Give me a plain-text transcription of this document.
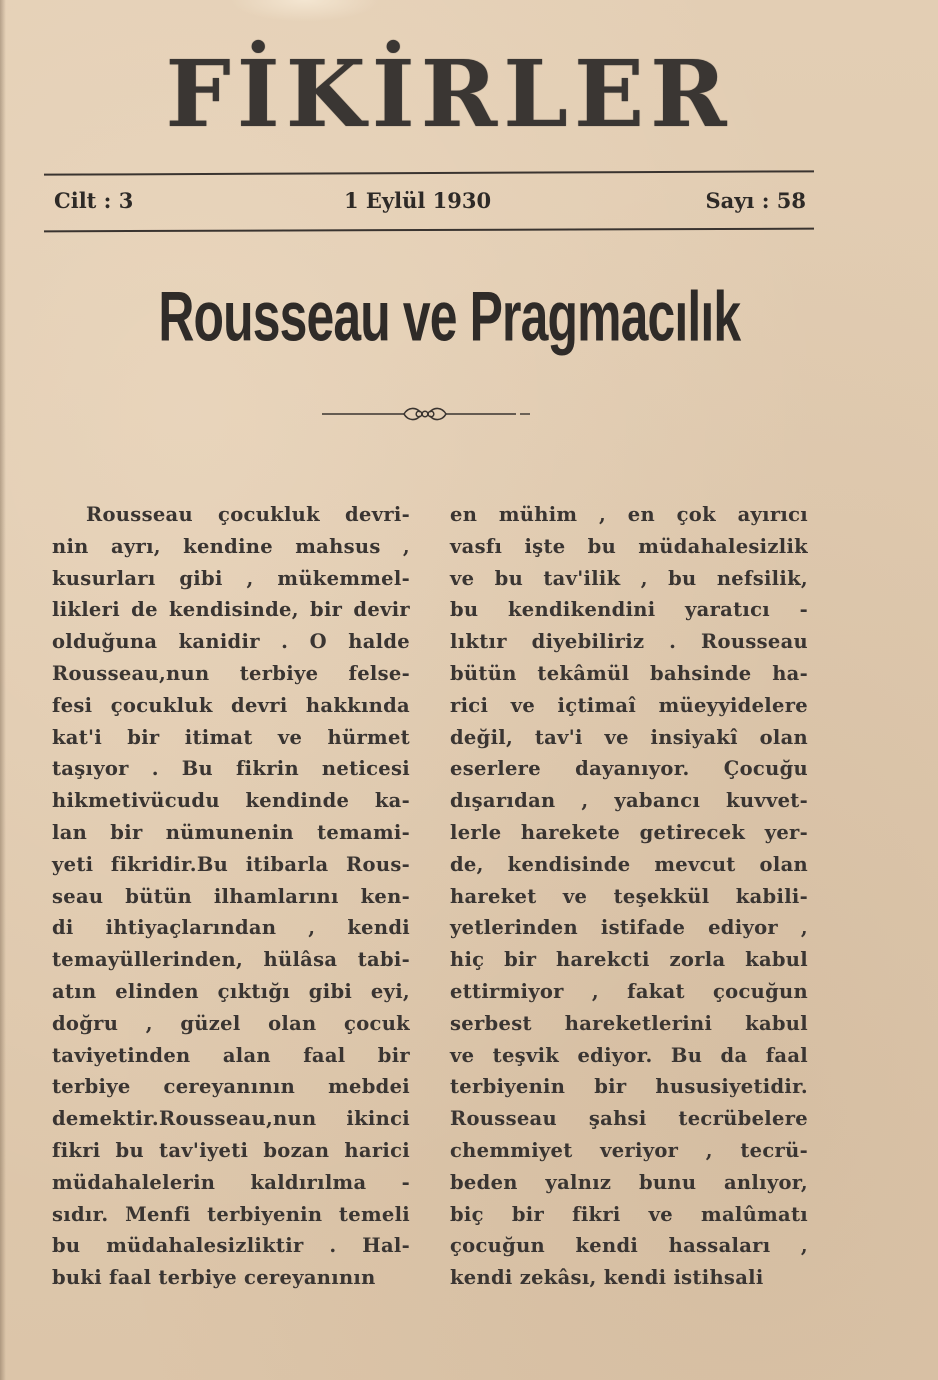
FİKİRLER
Cilt : 3	1 Eylül 1930	Sayı : 58
Rousseau ve Pragmacılık
Rousseau çocukluk devri-
nin ayrı, kendine mahsus ,
kusurları gibi , mükemmel-
likleri de kendisinde, bir devir
olduğuna kanidir . O halde
Rousseau,nun terbiye felse-
fesi çocukluk devri hakkında
kat'i bir itimat ve hürmet
taşıyor . Bu fikrin neticesi
hikmetivücudu kendinde ka-
lan bir nümunenin temami-
yeti fikridir.Bu itibarla Rous-
seau bütün ilhamlarını ken-
di ihtiyaçlarından , kendi
temayüllerinden, hülâsa tabi-
atın elinden çıktığı gibi eyi,
doğru , güzel olan çocuk
taviyetinden alan faal bir
terbiye cereyanının mebdei
demektir.Rousseau,nun ikinci
fikri bu tav'iyeti bozan harici
müdahalelerin kaldırılma -
sıdır. Menfi terbiyenin temeli
bu müdahalesizliktir . Hal-
buki faal terbiye cereyanının
en mühim , en çok ayırıcı
vasfı işte bu müdahalesizlik
ve bu tav'ilik , bu nefsilik,
bu kendikendini yaratıcı -
lıktır diyebiliriz . Rousseau
bütün tekâmül bahsinde ha-
rici ve içtimaî müeyyidelere
değil, tav'i ve insiyakî olan
eserlere dayanıyor. Çocuğu
dışarıdan , yabancı kuvvet-
lerle harekete getirecek yer-
de, kendisinde mevcut olan
hareket ve teşekkül kabili-
yetlerinden istifade ediyor ,
hiç bir harekcti zorla kabul
ettirmiyor , fakat çocuğun
serbest hareketlerini kabul
ve teşvik ediyor. Bu da faal
terbiyenin bir hususiyetidir.
Rousseau şahsi tecrübelere
chemmiyet veriyor , tecrü-
beden yalnız bunu anlıyor,
biç bir fikri ve malûmatı
çocuğun kendi hassaları ,
kendi zekâsı, kendi istihsali
